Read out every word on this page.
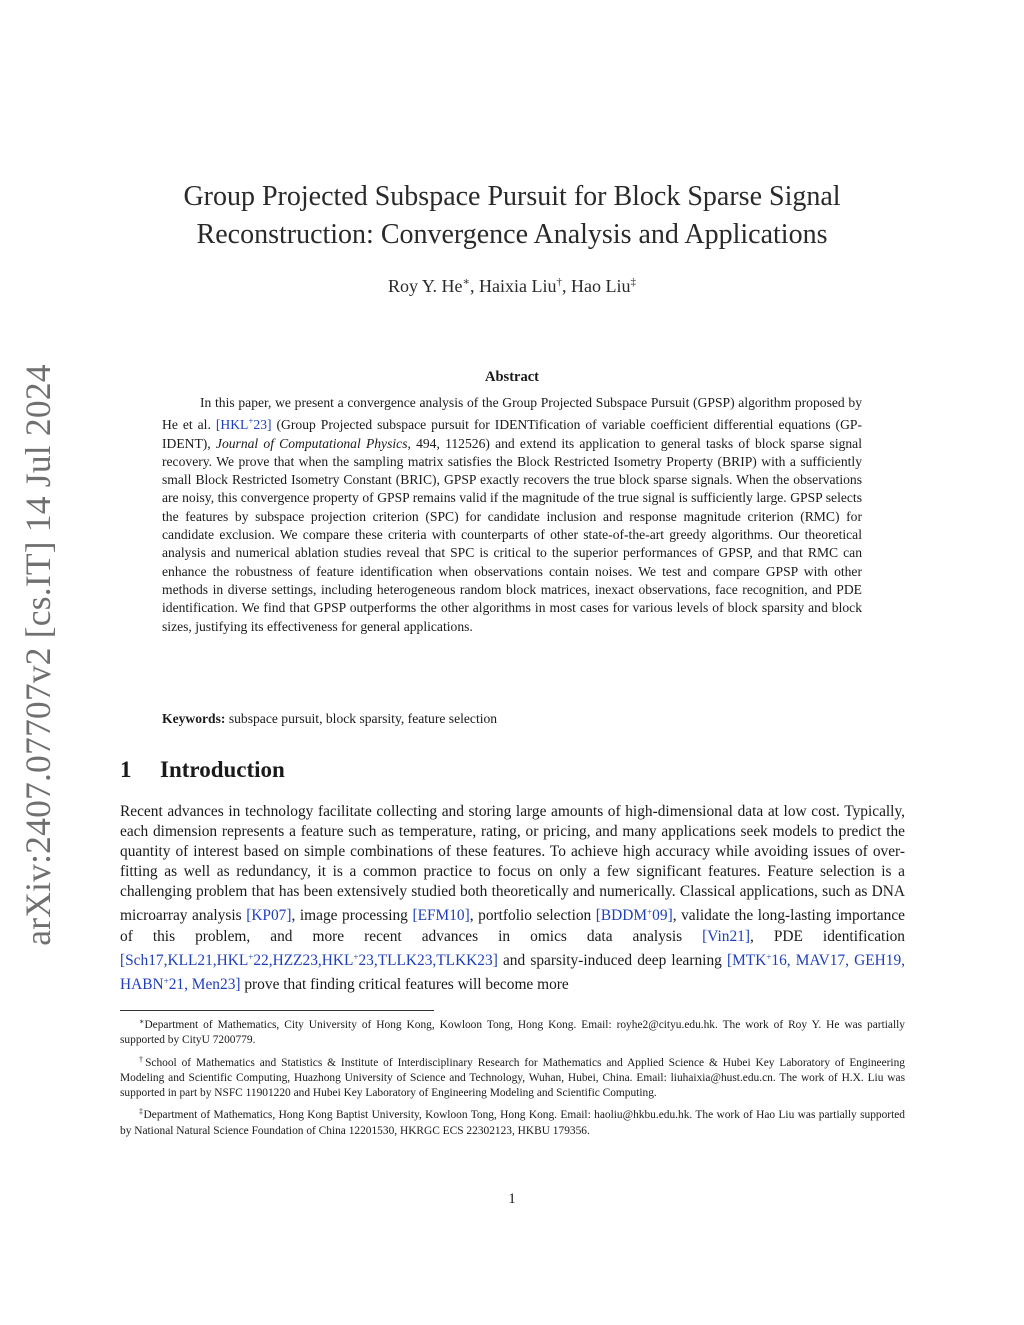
arXiv:2407.07707v2 [cs.IT] 14 Jul 2024
Group Projected Subspace Pursuit for Block Sparse Signal
Reconstruction: Convergence Analysis and Applications
Roy Y. He∗, Haixia Liu†, Hao Liu‡
Abstract

In this paper, we present a convergence analysis of the Group Projected Subspace Pursuit (GPSP) algorithm proposed by He et al. [HKL+23] (Group Projected subspace pursuit for IDENTification of variable coefficient differential equations (GP-IDENT), Journal of Computational Physics, 494, 112526) and extend its application to general tasks of block sparse signal recovery. We prove that when the sampling matrix satisfies the Block Restricted Isometry Property (BRIP) with a sufficiently small Block Restricted Isometry Constant (BRIC), GPSP exactly recovers the true block sparse signals. When the observations are noisy, this convergence property of GPSP remains valid if the magnitude of the true signal is sufficiently large. GPSP selects the features by subspace projection criterion (SPC) for candidate inclusion and response magnitude criterion (RMC) for candidate exclusion. We compare these criteria with counterparts of other state-of-the-art greedy algorithms. Our theoretical analysis and numerical ablation studies reveal that SPC is critical to the superior performances of GPSP, and that RMC can enhance the robustness of feature identification when observations contain noises. We test and compare GPSP with other methods in diverse settings, including heterogeneous random block matrices, inexact observations, face recognition, and PDE identification. We find that GPSP outperforms the other algorithms in most cases for various levels of block sparsity and block sizes, justifying its effectiveness for general applications.

Keywords: subspace pursuit, block sparsity, feature selection
1 Introduction

Recent advances in technology facilitate collecting and storing large amounts of high-dimensional data at low cost. Typically, each dimension represents a feature such as temperature, rating, or pricing, and many applications seek models to predict the quantity of interest based on simple combinations of these features. To achieve high accuracy while avoiding issues of over-fitting as well as redundancy, it is a common practice to focus on only a few significant features. Feature selection is a challenging problem that has been extensively studied both theoretically and numerically. Classical applications, such as DNA microarray analysis [KP07], image processing [EFM10], portfolio selection [BDDM+09], validate the long-lasting importance of this problem, and more recent advances in omics data analysis [Vin21], PDE identification [Sch17,KLL21,HKL+22,HZZ23,HKL+23,TLLK23,TLKK23] and sparsity-induced deep learning [MTK+16, MAV17, GEH19, HABN+21, Men23] prove that finding critical features will become more

∗Department of Mathematics, City University of Hong Kong, Kowloon Tong, Hong Kong. Email: royhe2@cityu.edu.hk. The work of Roy Y. He was partially supported by CityU 7200779.

†School of Mathematics and Statistics & Institute of Interdisciplinary Research for Mathematics and Applied Science & Hubei Key Laboratory of Engineering Modeling and Scientific Computing, Huazhong University of Science and Technology, Wuhan, Hubei, China. Email: liuhaixia@hust.edu.cn. The work of H.X. Liu was supported in part by NSFC 11901220 and Hubei Key Laboratory of Engineering Modeling and Scientific Computing.

‡Department of Mathematics, Hong Kong Baptist University, Kowloon Tong, Hong Kong. Email: haoliu@hkbu.edu.hk. The work of Hao Liu was partially supported by National Natural Science Foundation of China 12201530, HKRGC ECS 22302123, HKBU 179356.

1
